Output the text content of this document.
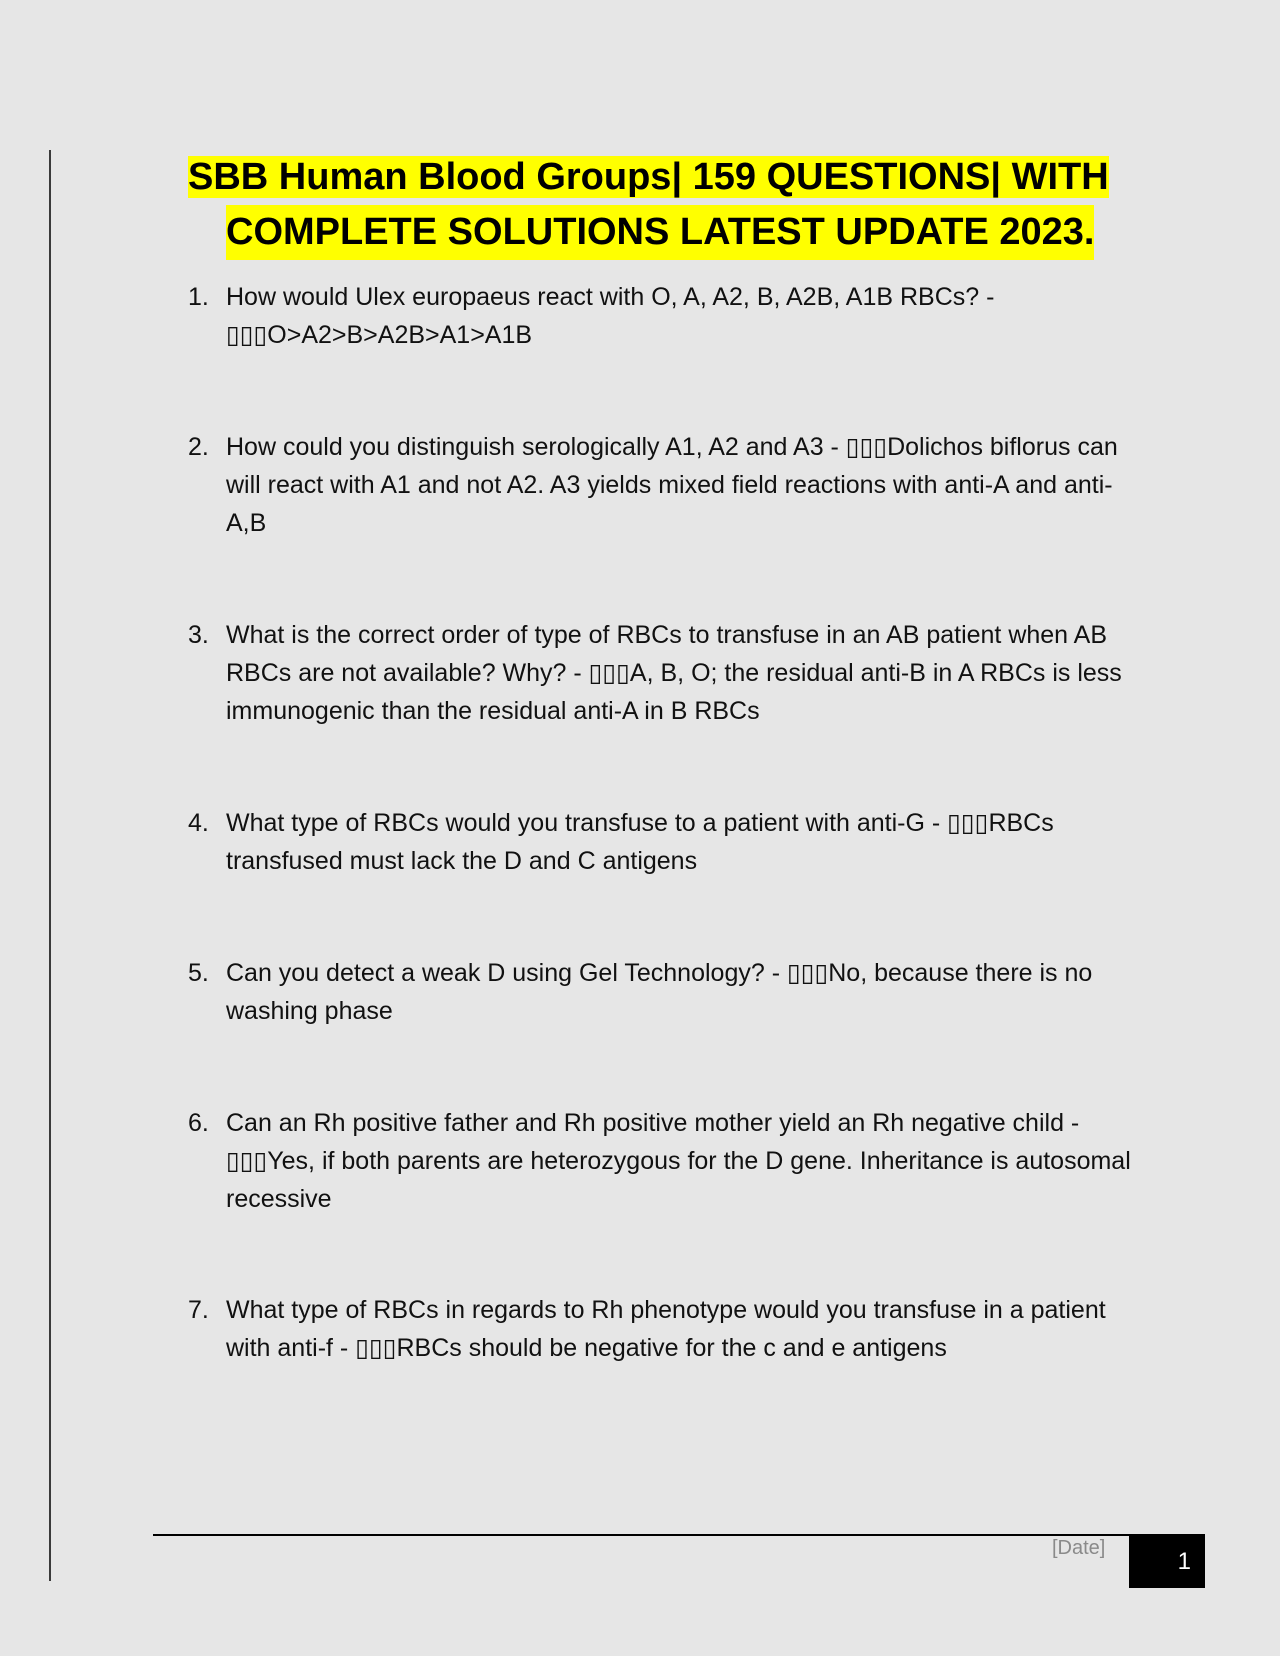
SBB Human Blood Groups| 159 QUESTIONS| WITH
COMPLETE SOLUTIONS LATEST UPDATE 2023.
1. How would Ulex europaeus react with O, A, A2, B, A2B, A1B RBCs? - ▯▯▯O>A2>B>A2B>A1>A1B
2. How could you distinguish serologically A1, A2 and A3 - ▯▯▯Dolichos biflorus can will react with A1 and not A2. A3 yields mixed field reactions with anti-A and anti-A,B
3. What is the correct order of type of RBCs to transfuse in an AB patient when AB RBCs are not available? Why? - ▯▯▯A, B, O; the residual anti-B in A RBCs is less immunogenic than the residual anti-A in B RBCs
4. What type of RBCs would you transfuse to a patient with anti-G - ▯▯▯RBCs transfused must lack the D and C antigens
5. Can you detect a weak D using Gel Technology? - ▯▯▯No, because there is no washing phase
6. Can an Rh positive father and Rh positive mother yield an Rh negative child - ▯▯▯Yes, if both parents are heterozygous for the D gene. Inheritance is autosomal recessive
7. What type of RBCs in regards to Rh phenotype would you transfuse in a patient with anti-f - ▯▯▯RBCs should be negative for the c and e antigens
[Date]	1
